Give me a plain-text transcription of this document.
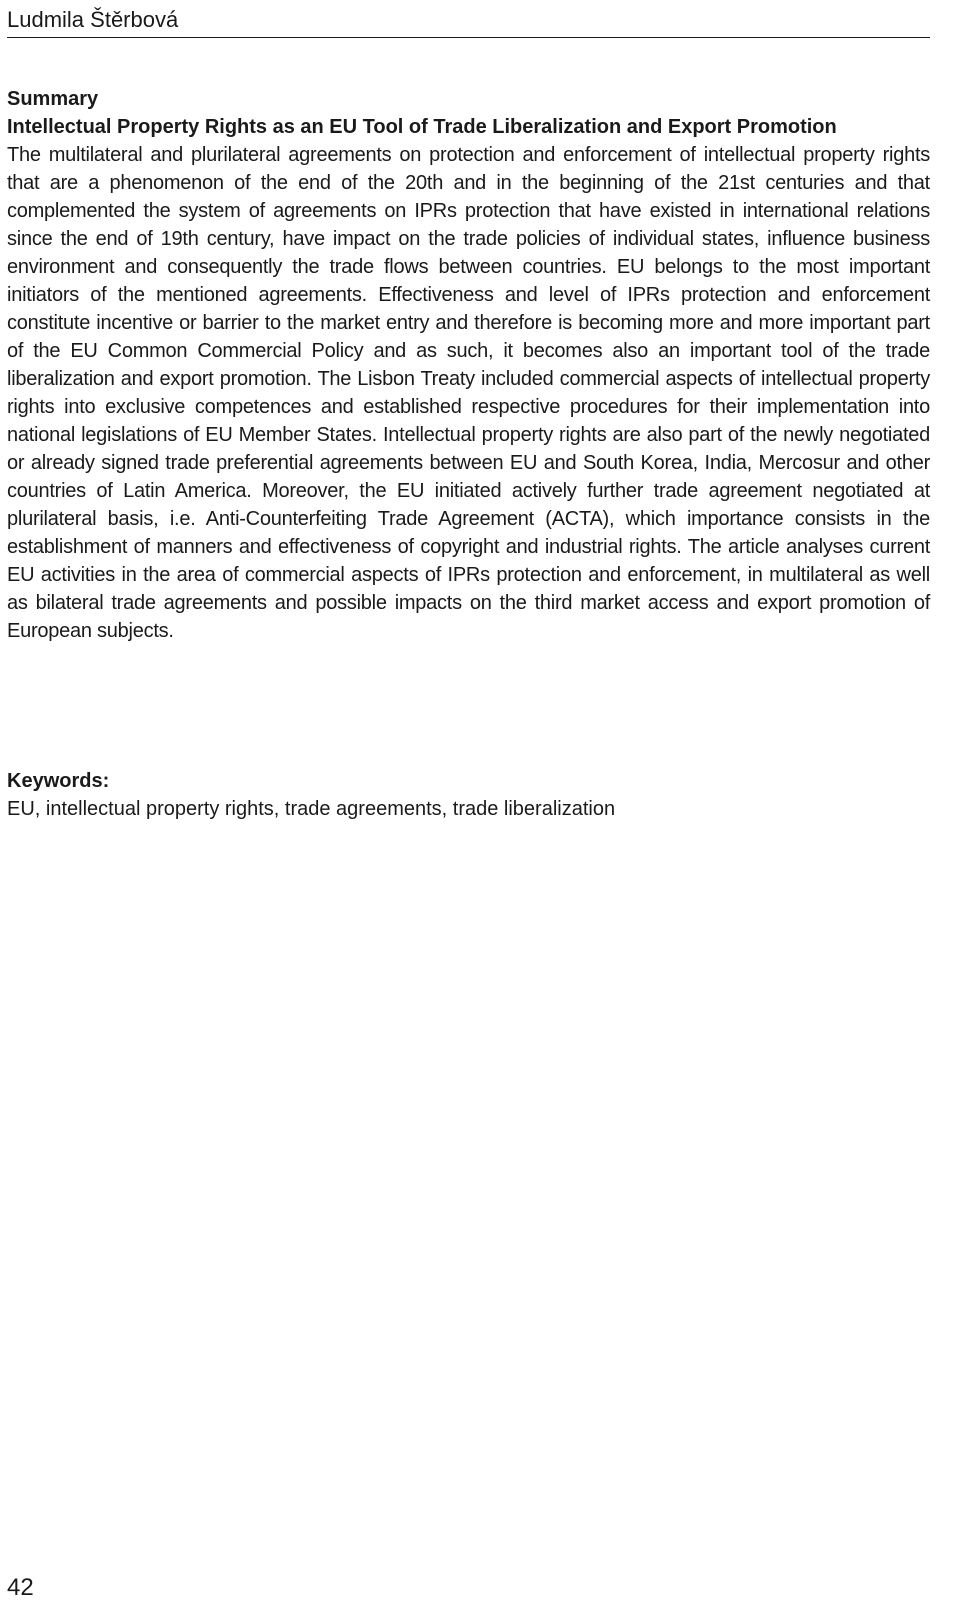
Ludmila Štěrbová
Summary
Intellectual Property Rights as an EU Tool of Trade Liberalization and Export Promotion

The multilateral and plurilateral agreements on protection and enforcement of intellectual property rights that are a phenomenon of the end of the 20th and in the beginning of the 21st centuries and that complemented the system of agreements on IPRs protection that have existed in international relations since the end of 19th century, have impact on the trade policies of individual states, influence business environment and consequently the trade flows between countries. EU belongs to the most important initiators of the mentioned agreements. Effectiveness and level of IPRs protection and enforcement constitute incentive or barrier to the market entry and therefore is becoming more and more important part of the EU Common Commercial Policy and as such, it becomes also an important tool of the trade liberalization and export promotion. The Lisbon Treaty included commercial aspects of intellectual property rights into exclusive competences and established respective procedures for their implementation into national legislations of EU Member States. Intellectual property rights are also part of the newly negotiated or already signed trade preferential agreements between EU and South Korea, India, Mercosur and other countries of Latin America. Moreover, the EU initiated actively further trade agreement negotiated at plurilateral basis, i.e. Anti-Counterfeiting Trade Agreement (ACTA), which importance consists in the establishment of manners and effectiveness of copyright and industrial rights. The article analyses current EU activities in the area of commercial aspects of IPRs protection and enforcement, in multilateral as well as bilateral trade agreements and possible impacts on the third market access and export promotion of European subjects.

Keywords:

EU, intellectual property rights, trade agreements, trade liberalization

42
